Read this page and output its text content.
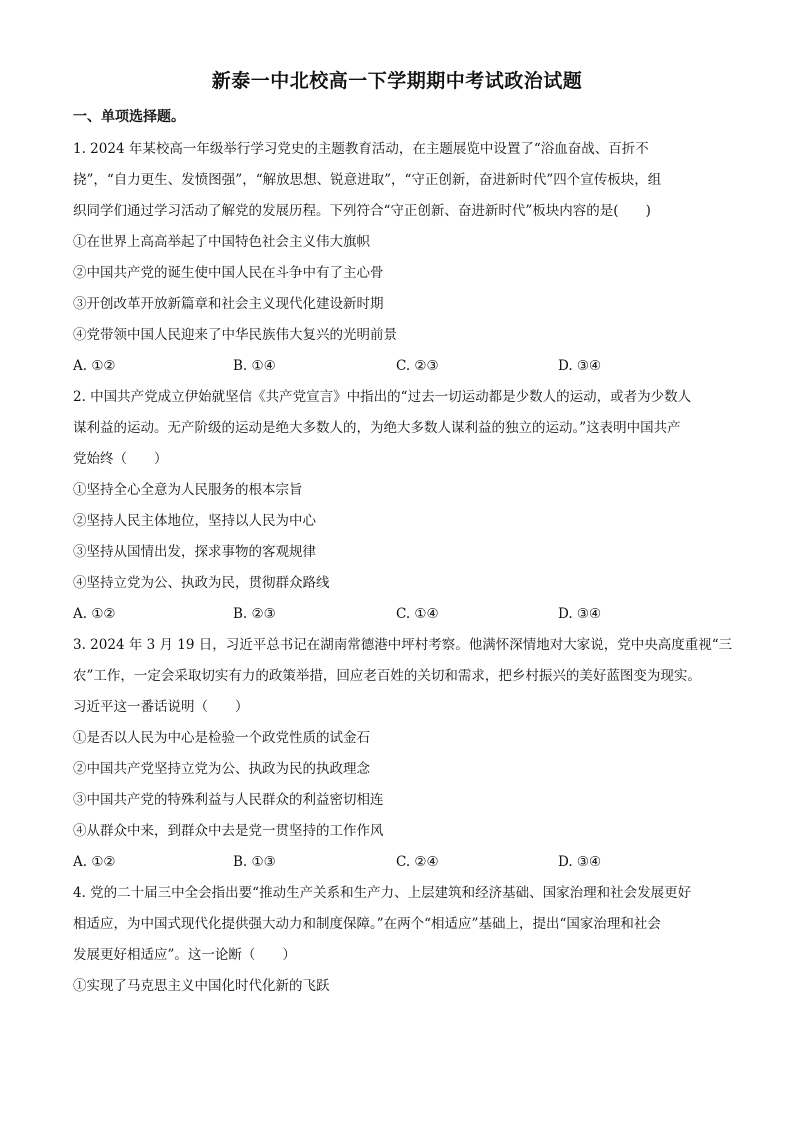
新泰一中北校高一下学期期中考试政治试题
一、单项选择题。
1. 2024 年某校高一年级举行学习党史的主题教育活动，在主题展览中设置了“浴血奋战、百折不
挠”，“自力更生、发愤图强”，“解放思想、锐意进取”，“守正创新，奋进新时代”四个宣传板块，组
织同学们通过学习活动了解党的发展历程。下列符合“守正创新、奋进新时代”板块内容的是(　　)
①在世界上高高举起了中国特色社会主义伟大旗帜
②中国共产党的诞生使中国人民在斗争中有了主心骨
③开创改革开放新篇章和社会主义现代化建设新时期
④党带领中国人民迎来了中华民族伟大复兴的光明前景
A. ①②	B. ①④	C. ②③	D. ③④
2. 中国共产党成立伊始就坚信《共产党宣言》中指出的“过去一切运动都是少数人的运动，或者为少数人
谋利益的运动。无产阶级的运动是绝大多数人的，为绝大多数人谋利益的独立的运动。”这表明中国共产
党始终（　　）
①坚持全心全意为人民服务的根本宗旨
②坚持人民主体地位，坚持以人民为中心
③坚持从国情出发，探求事物的客观规律
④坚持立党为公、执政为民，贯彻群众路线
A. ①②	B. ②③	C. ①④	D. ③④
3. 2024 年 3 月 19 日，习近平总书记在湖南常德港中坪村考察。他满怀深情地对大家说，党中央高度重视“三
农”工作，一定会采取切实有力的政策举措，回应老百姓的关切和需求，把乡村振兴的美好蓝图变为现实。
习近平这一番话说明（　　）
①是否以人民为中心是检验一个政党性质的试金石
②中国共产党坚持立党为公、执政为民的执政理念
③中国共产党的特殊利益与人民群众的利益密切相连
④从群众中来，到群众中去是党一贯坚持的工作作风
A. ①②	B. ①③	C. ②④	D. ③④
4. 党的二十届三中全会指出要“推动生产关系和生产力、上层建筑和经济基础、国家治理和社会发展更好
相适应，为中国式现代化提供强大动力和制度保障。”在两个“相适应”基础上，提出“国家治理和社会
发展更好相适应”。这一论断（　　）
①实现了马克思主义中国化时代化新的飞跃
